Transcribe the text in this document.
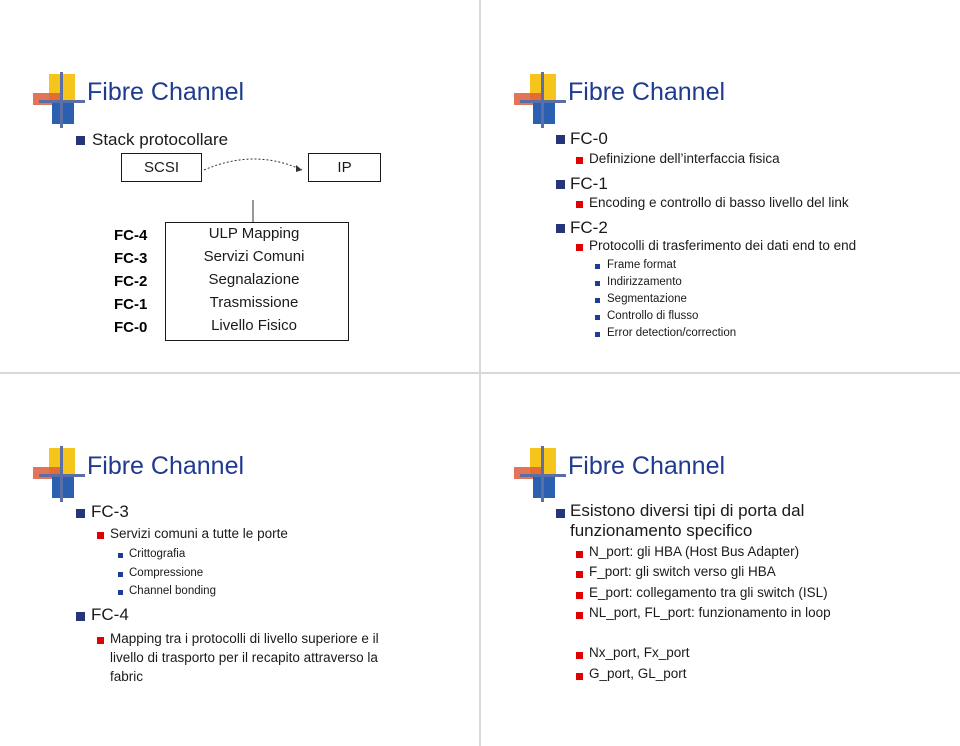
Fibre Channel
Stack protocollare
SCSI	IP
FC-4	ULP Mapping
FC-3	Servizi Comuni
FC-2	Segnalazione
FC-1	Trasmissione
FC-0	Livello Fisico
Fibre Channel
FC-0
Definizione dell’interfaccia fisica
FC-1
Encoding e controllo di basso livello del link
FC-2
Protocolli di trasferimento dei dati end to end
Frame format
Indirizzamento
Segmentazione
Controllo di flusso
Error detection/correction
Fibre Channel
FC-3
Servizi comuni a tutte le porte
Crittografia
Compressione
Channel bonding
FC-4
Mapping tra i protocolli di livello superiore e il
livello di trasporto per il recapito attraverso la
fabric
Fibre Channel
Esistono diversi tipi di porta dal
funzionamento specifico
N_port: gli HBA (Host Bus Adapter)
F_port: gli switch verso gli HBA
E_port: collegamento tra gli switch (ISL)
NL_port, FL_port: funzionamento in loop
Nx_port, Fx_port
G_port, GL_port
